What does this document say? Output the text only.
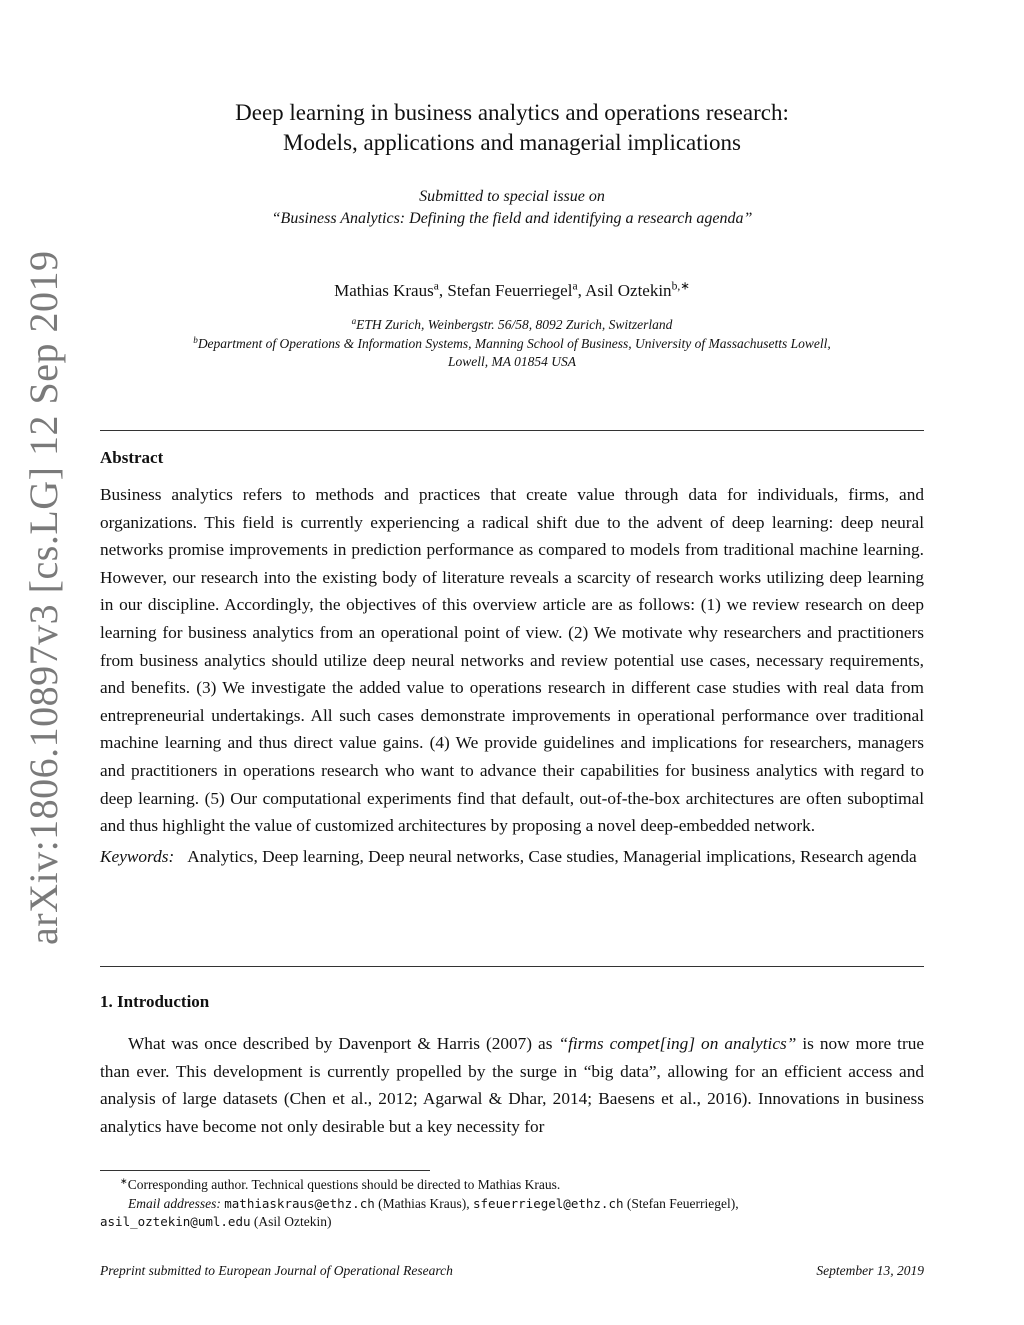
arXiv:1806.10897v3 [cs.LG] 12 Sep 2019
Deep learning in business analytics and operations research:
Models, applications and managerial implications
Submitted to special issue on
“Business Analytics: Defining the field and identifying a research agenda”
Mathias Kraus$^a$, Stefan Feuerriegel$^a$, Asil Oztekin$^{b,∗}$
$^a$ETH Zurich, Weinbergstr. 56/58, 8092 Zurich, Switzerland
$^b$Department of Operations & Information Systems, Manning School of Business, University of Massachusetts Lowell,
Lowell, MA 01854 USA
Abstract

Business analytics refers to methods and practices that create value through data for individuals, firms, and organizations. This field is currently experiencing a radical shift due to the advent of deep learning: deep neural networks promise improvements in prediction performance as compared to models from traditional machine learning. However, our research into the existing body of literature reveals a scarcity of research works utilizing deep learning in our discipline. Accordingly, the objectives of this overview article are as follows: (1) we review research on deep learning for business analytics from an operational point of view. (2) We motivate why researchers and practitioners from business analytics should utilize deep neural networks and review potential use cases, necessary requirements, and benefits. (3) We investigate the added value to operations research in different case studies with real data from entrepreneurial undertakings. All such cases demonstrate improvements in operational performance over traditional machine learning and thus direct value gains. (4) We provide guidelines and implications for researchers, managers and practitioners in operations research who want to advance their capabilities for business analytics with regard to deep learning. (5) Our computational experiments find that default, out-of-the-box architectures are often suboptimal and thus highlight the value of customized architectures by proposing a novel deep-embedded network.

Keywords: Analytics, Deep learning, Deep neural networks, Case studies, Managerial implications, Research agenda

1. Introduction

What was once described by Davenport & Harris (2007) as “firms compet[ing] on analytics” is now more true than ever. This development is currently propelled by the surge in “big data”, allowing for an efficient access and analysis of large datasets (Chen et al., 2012; Agarwal & Dhar, 2014; Baesens et al., 2016). Innovations in business analytics have become not only desirable but a key necessity for

∗Corresponding author. Technical questions should be directed to Mathias Kraus.
Email addresses: mathiaskraus@ethz.ch (Mathias Kraus), sfeuerriegel@ethz.ch (Stefan Feuerriegel),
asil_oztekin@uml.edu (Asil Oztekin)
Preprint submitted to European Journal of Operational Research	September 13, 2019
